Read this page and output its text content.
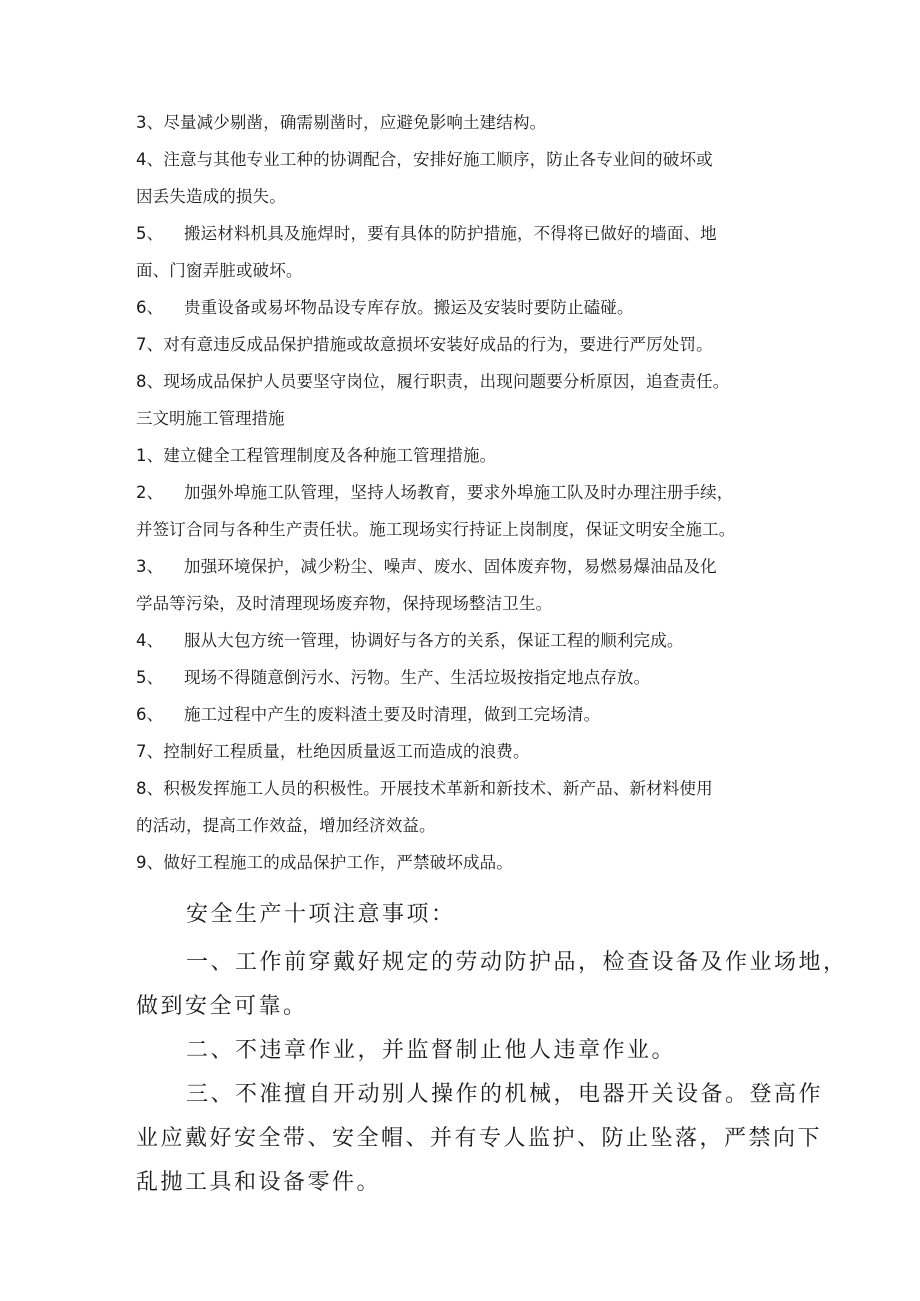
3、尽量减少剔凿，确需剔凿时，应避免影响土建结构。
4、注意与其他专业工种的协调配合，安排好施工顺序，防止各专业间的破坏或
因丢失造成的损失。
5、 搬运材料机具及施焊时，要有具体的防护措施，不得将已做好的墙面、地
面、门窗弄脏或破坏。
6、 贵重设备或易坏物品设专库存放。搬运及安装时要防止磕碰。
7、对有意违反成品保护措施或故意损坏安装好成品的行为，要进行严厉处罚。
8、现场成品保护人员要坚守岗位，履行职责，出现问题要分析原因，追查责任。
三文明施工管理措施
1、建立健全工程管理制度及各种施工管理措施。
2、 加强外埠施工队管理，坚持人场教育，要求外埠施工队及时办理注册手续，
并签订合同与各种生产责任状。施工现场实行持证上岗制度，保证文明安全施工。
3、 加强环境保护，减少粉尘、噪声、废水、固体废弃物，易燃易爆油品及化
学品等污染，及时清理现场废弃物，保持现场整洁卫生。
4、 服从大包方统一管理，协调好与各方的关系，保证工程的顺利完成。
5、 现场不得随意倒污水、污物。生产、生活垃圾按指定地点存放。
6、 施工过程中产生的废料渣土要及时清理，做到工完场清。
7、控制好工程质量，杜绝因质量返工而造成的浪费。
8、积极发挥施工人员的积极性。开展技术革新和新技术、新产品、新材料使用
的活动，提高工作效益，增加经济效益。
9、做好工程施工的成品保护工作，严禁破坏成品。
安全生产十项注意事项：
一、工作前穿戴好规定的劳动防护品，检查设备及作业场地，
做到安全可靠。
二、不违章作业，并监督制止他人违章作业。
三、不准擅自开动别人操作的机械，电器开关设备。登高作
业应戴好安全带、安全帽、并有专人监护、防止坠落，严禁向下
乱抛工具和设备零件。
